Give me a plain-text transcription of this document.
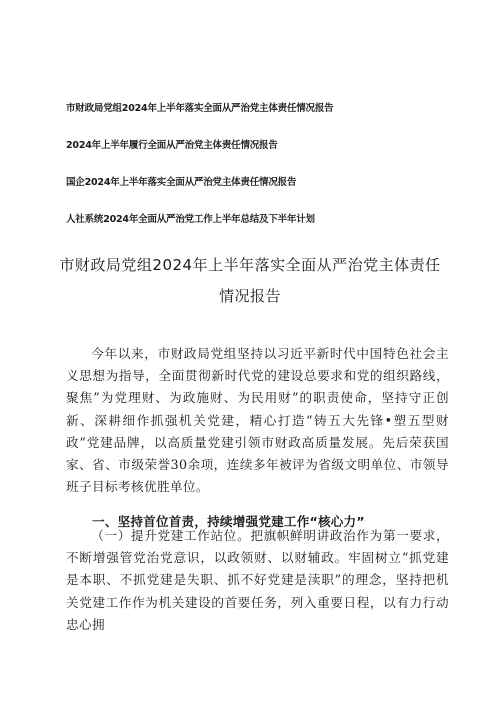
市财政局党组2024年上半年落实全面从严治党主体责任情况报告
2024年上半年履行全面从严治党主体责任情况报告
国企2024年上半年落实全面从严治党主体责任情况报告
人社系统2024年全面从严治党工作上半年总结及下半年计划
市财政局党组2024年上半年落实全面从严治党主体责任
情况报告

今年以来，市财政局党组坚持以习近平新时代中国特色社会主义思想为指导，全面贯彻新时代党的建设总要求和党的组织路线，聚焦”为党理财、为政施财、为民用财”的职责使命，坚持守正创新、深耕细作抓强机关党建，精心打造“铸五大先锋•塑五型财政”党建品牌，以高质量党建引领市财政高质量发展。先后荣获国家、省、市级荣誉30余项，连续多年被评为省级文明单位、市领导班子目标考核优胜单位。

一、坚持首位首责，持续增强党建工作“核心力”

（一）提升党建工作站位。把旗帜鲜明讲政治作为第一要求，不断增强管党治党意识，以政领财、以财辅政。牢固树立“抓党建是本职、不抓党建是失职、抓不好党建是渎职”的理念，坚持把机关党建工作作为机关建设的首要任务，列入重要日程，以有力行动忠心拥
